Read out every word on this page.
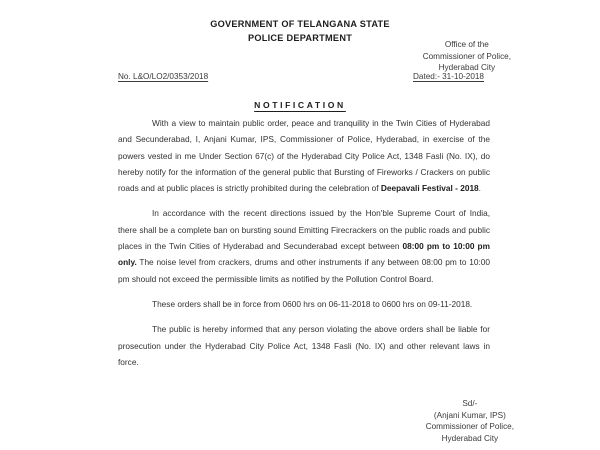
GOVERNMENT OF TELANGANA STATE
POLICE DEPARTMENT
Office of the
Commissioner of Police,
Hyderabad City
No. L&O/LO2/0353/2018	Dated:- 31-10-2018
NOTIFICATION

With a view to maintain public order, peace and tranquility in the Twin Cities of Hyderabad and Secunderabad, I, Anjani Kumar, IPS, Commissioner of Police, Hyderabad, in exercise of the powers vested in me Under Section 67(c) of the Hyderabad City Police Act, 1348 Fasli (No. IX), do hereby notify for the information of the general public that Bursting of Fireworks / Crackers on public roads and at public places is strictly prohibited during the celebration of Deepavali Festival - 2018.

In accordance with the recent directions issued by the Hon'ble Supreme Court of India, there shall be a complete ban on bursting sound Emitting Firecrackers on the public roads and public places in the Twin Cities of Hyderabad and Secunderabad except between 08:00 pm to 10:00 pm only. The noise level from crackers, drums and other instruments if any between 08:00 pm to 10:00 pm should not exceed the permissible limits as notified by the Pollution Control Board.

These orders shall be in force from 0600 hrs on 06-11-2018 to 0600 hrs on 09-11-2018.

The public is hereby informed that any person violating the above orders shall be liable for prosecution under the Hyderabad City Police Act, 1348 Fasli (No. IX) and other relevant laws in force.

Sd/-
(Anjani Kumar, IPS)
Commissioner of Police,
Hyderabad City
